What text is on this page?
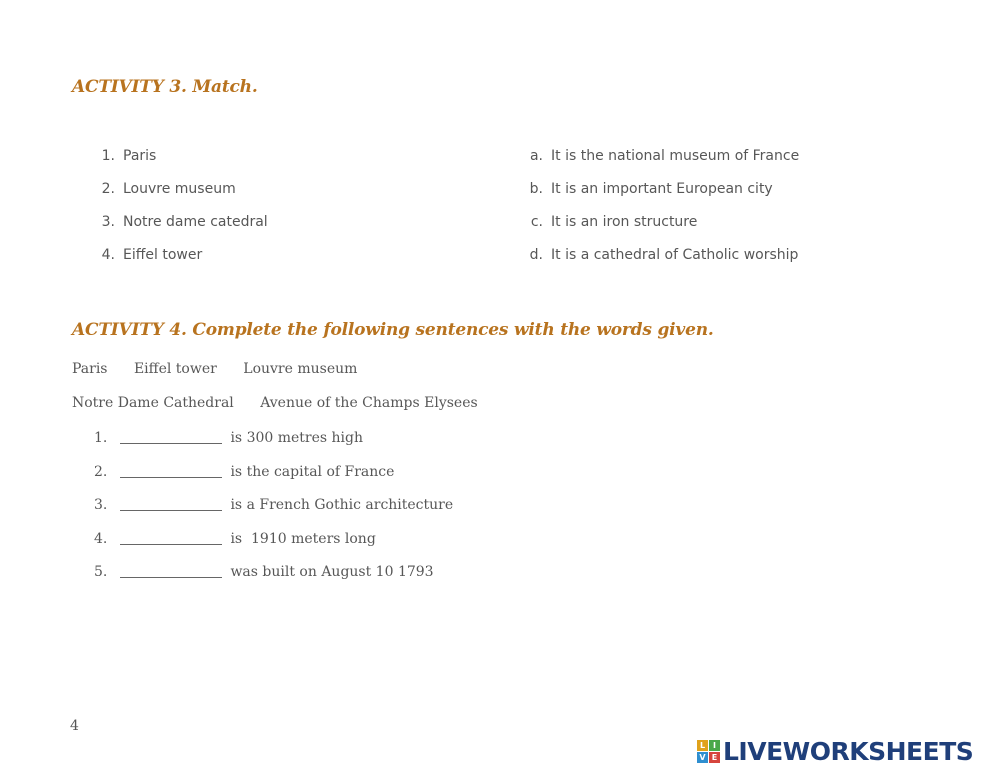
ACTIVITY 3. Match.
1. Paris
2. Louvre museum
3. Notre dame catedral
4. Eiffel tower
a. It is the national museum of France
b. It is an important European city
c. It is an iron structure
d. It is a cathedral of Catholic worship
ACTIVITY 4. Complete the following sentences with the words given.

Paris Eiffel tower Louvre museum

Notre Dame Cathedral Avenue of the Champs Elysees

1.	is 300 metres high
2.	is the capital of France
3.	is a French Gothic architecture
4.	is  1910 meters long
5.	was built on August 10 1793
4
L I
V E LIVEWORKSHEETS
